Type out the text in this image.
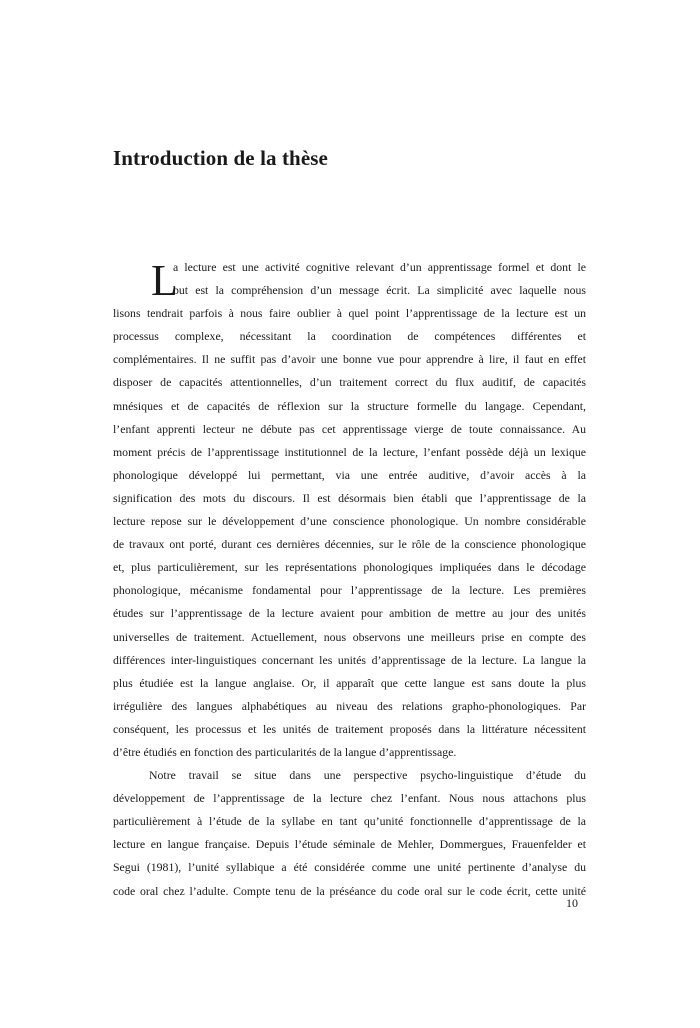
Introduction de la thèse
L
a lecture est une activité cognitive relevant d’un apprentissage formel et dont le
but est la compréhension d’un message écrit. La simplicité avec laquelle nous
lisons tendrait parfois à nous faire oublier à quel point l’apprentissage de la lecture est un
processus complexe, nécessitant la coordination de compétences différentes et
complémentaires. Il ne suffit pas d’avoir une bonne vue pour apprendre à lire, il faut en effet
disposer de capacités attentionnelles, d’un traitement correct du flux auditif, de capacités
mnésiques et de capacités de réflexion sur la structure formelle du langage. Cependant,
l’enfant apprenti lecteur ne débute pas cet apprentissage vierge de toute connaissance. Au
moment précis de l’apprentissage institutionnel de la lecture, l’enfant possède déjà un lexique
phonologique développé lui permettant, via une entrée auditive, d’avoir accès à la
signification des mots du discours. Il est désormais bien établi que l’apprentissage de la
lecture repose sur le développement d’une conscience phonologique. Un nombre considérable
de travaux ont porté, durant ces dernières décennies, sur le rôle de la conscience phonologique
et, plus particulièrement, sur les représentations phonologiques impliquées dans le décodage
phonologique, mécanisme fondamental pour l’apprentissage de la lecture. Les premières
études sur l’apprentissage de la lecture avaient pour ambition de mettre au jour des unités
universelles de traitement. Actuellement, nous observons une meilleurs prise en compte des
différences inter-linguistiques concernant les unités d’apprentissage de la lecture. La langue la
plus étudiée est la langue anglaise. Or, il apparaît que cette langue est sans doute la plus
irrégulière des langues alphabétiques au niveau des relations grapho-phonologiques. Par
conséquent, les processus et les unités de traitement proposés dans la littérature nécessitent
d’être étudiés en fonction des particularités de la langue d’apprentissage.
Notre travail se situe dans une perspective psycho-linguistique d’étude du
développement de l’apprentissage de la lecture chez l’enfant. Nous nous attachons plus
particulièrement à l’étude de la syllabe en tant qu’unité fonctionnelle d’apprentissage de la
lecture en langue française. Depuis l’étude séminale de Mehler, Dommergues, Frauenfelder et
Segui (1981), l’unité syllabique a été considérée comme une unité pertinente d’analyse du
code oral chez l’adulte. Compte tenu de la préséance du code oral sur le code écrit, cette unité
10
